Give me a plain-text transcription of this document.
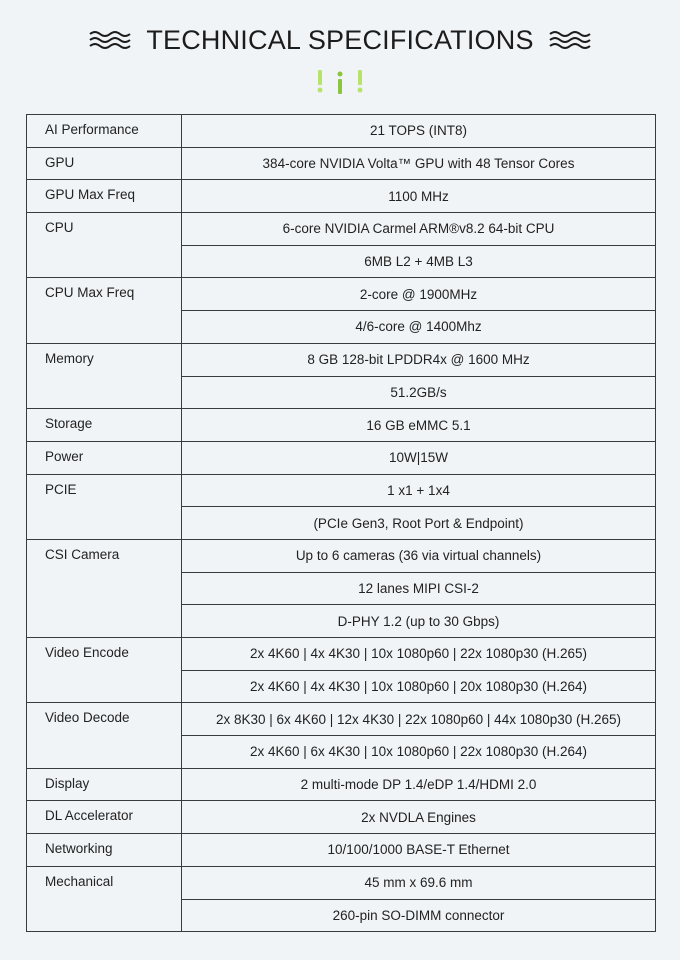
TECHNICAL SPECIFICATIONS
AI Performance	21 TOPS (INT8)
GPU	384-core NVIDIA Volta™ GPU with 48 Tensor Cores
GPU Max Freq	1100 MHz
CPU	6-core NVIDIA Carmel ARM®v8.2 64-bit CPU
	6MB L2 + 4MB L3
CPU Max Freq	2-core @ 1900MHz
	4/6-core @ 1400Mhz
Memory	8 GB 128-bit LPDDR4x @ 1600 MHz
	51.2GB/s
Storage	16 GB eMMC 5.1
Power	10W|15W
PCIE	1 x1 + 1x4
	(PCIe Gen3, Root Port & Endpoint)
CSI Camera	Up to 6 cameras (36 via virtual channels)
	12 lanes MIPI CSI-2
	D-PHY 1.2 (up to 30 Gbps)
Video Encode	2x 4K60 | 4x 4K30 | 10x 1080p60 | 22x 1080p30 (H.265)
	2x 4K60 | 4x 4K30 | 10x 1080p60 | 20x 1080p30 (H.264)
Video Decode	2x 8K30 | 6x 4K60 | 12x 4K30 | 22x 1080p60 | 44x 1080p30 (H.265)
	2x 4K60 | 6x 4K30 | 10x 1080p60 | 22x 1080p30 (H.264)
Display	2 multi-mode DP 1.4/eDP 1.4/HDMI 2.0
DL Accelerator	2x NVDLA Engines
Networking	10/100/1000 BASE-T Ethernet
Mechanical	45 mm x 69.6 mm
	260-pin SO-DIMM connector
